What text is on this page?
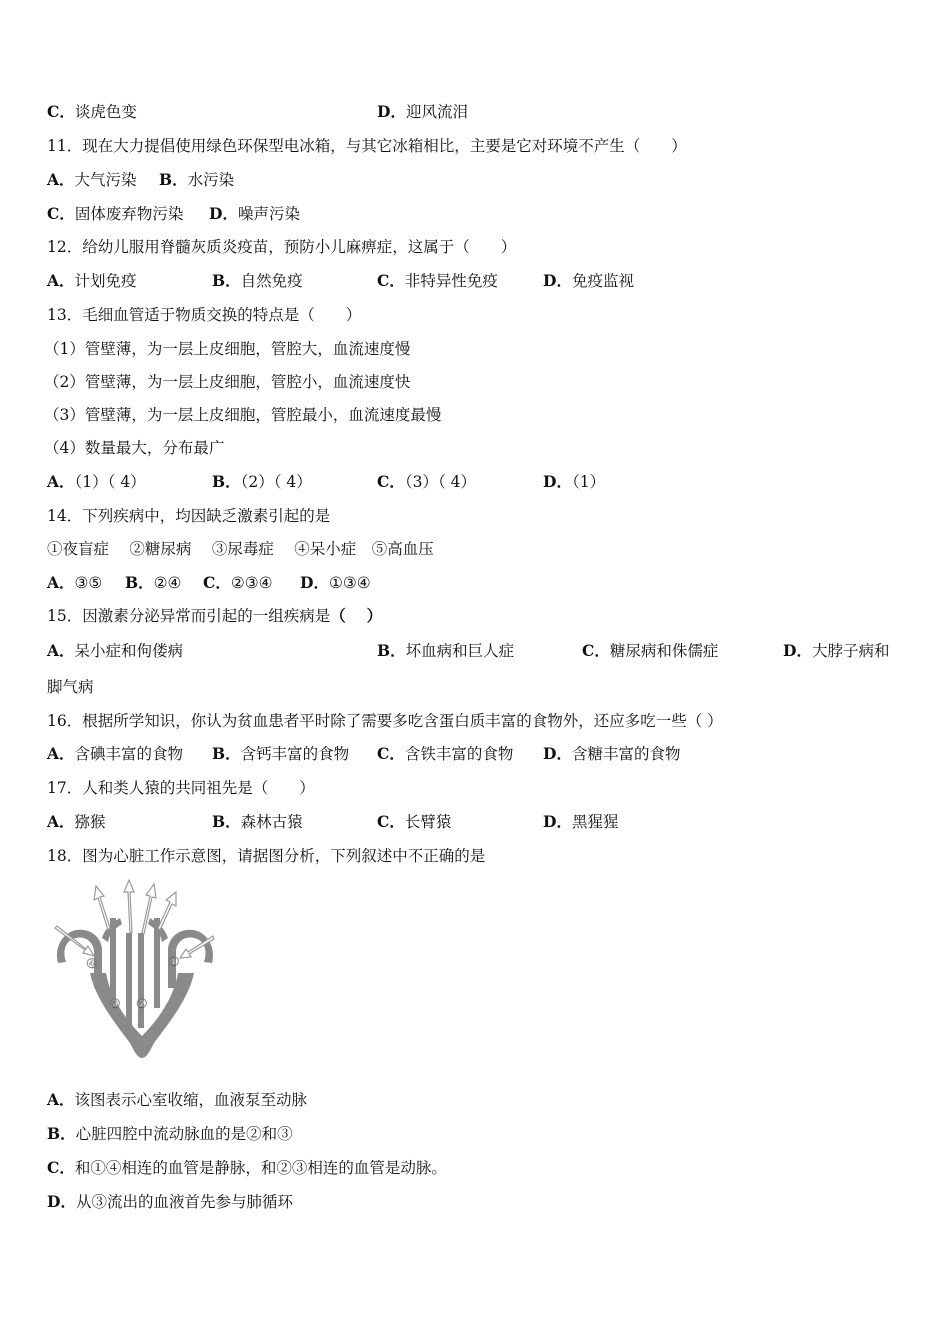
C．谈虎色变	D．迎风流泪
11．现在大力提倡使用绿色环保型电冰箱，与其它冰箱相比，主要是它对环境不产生（　　）
A．大气污染 B．水污染
C．固体废弃物污染 D．噪声污染
12．给幼儿服用脊髓灰质炎疫苗，预防小儿麻痹症，这属于（　　）
A．计划免疫	B．自然免疫	C．非特异性免疫	D．免疫监视
13．毛细血管适于物质交换的特点是（　　）
（1）管壁薄，为一层上皮细胞，管腔大，血流速度慢
（2）管壁薄，为一层上皮细胞，管腔小，血流速度快
（3）管壁薄，为一层上皮细胞，管腔最小，血流速度最慢
（4）数量最大，分布最广
A．（1）（ 4）	B．（2）（ 4）	C．（3）（ 4）	D．（1）
14．下列疾病中，均因缺乏激素引起的是
①夜盲症　 ②糖尿病　 ③尿毒症　 ④呆小症　⑤高血压
A．③⑤ B．②④ C．②③④ D．①③④
15．因激素分泌异常而引起的一组疾病是（　 ）
A．呆小症和佝偻病	B．坏血病和巨人症	C．糖尿病和侏儒症	D．大脖子病和
脚气病
16．根据所学知识，你认为贫血患者平时除了需要多吃含蛋白质丰富的食物外，还应多吃一些（ ）
A．含碘丰富的食物 B．含钙丰富的食物 C．含铁丰富的食物 D．含糖丰富的食物
17．人和类人猿的共同祖先是（　　）
A．猕猴	B．森林古猿	C．长臂猿	D．黑猩猩
18．图为心脏工作示意图，请据图分析，下列叙述中不正确的是
④	①
③ ②
A．该图表示心室收缩，血液泵至动脉
B．心脏四腔中流动脉血的是②和③
C．和①④相连的血管是静脉，和②③相连的血管是动脉。
D．从③流出的血液首先参与肺循环
